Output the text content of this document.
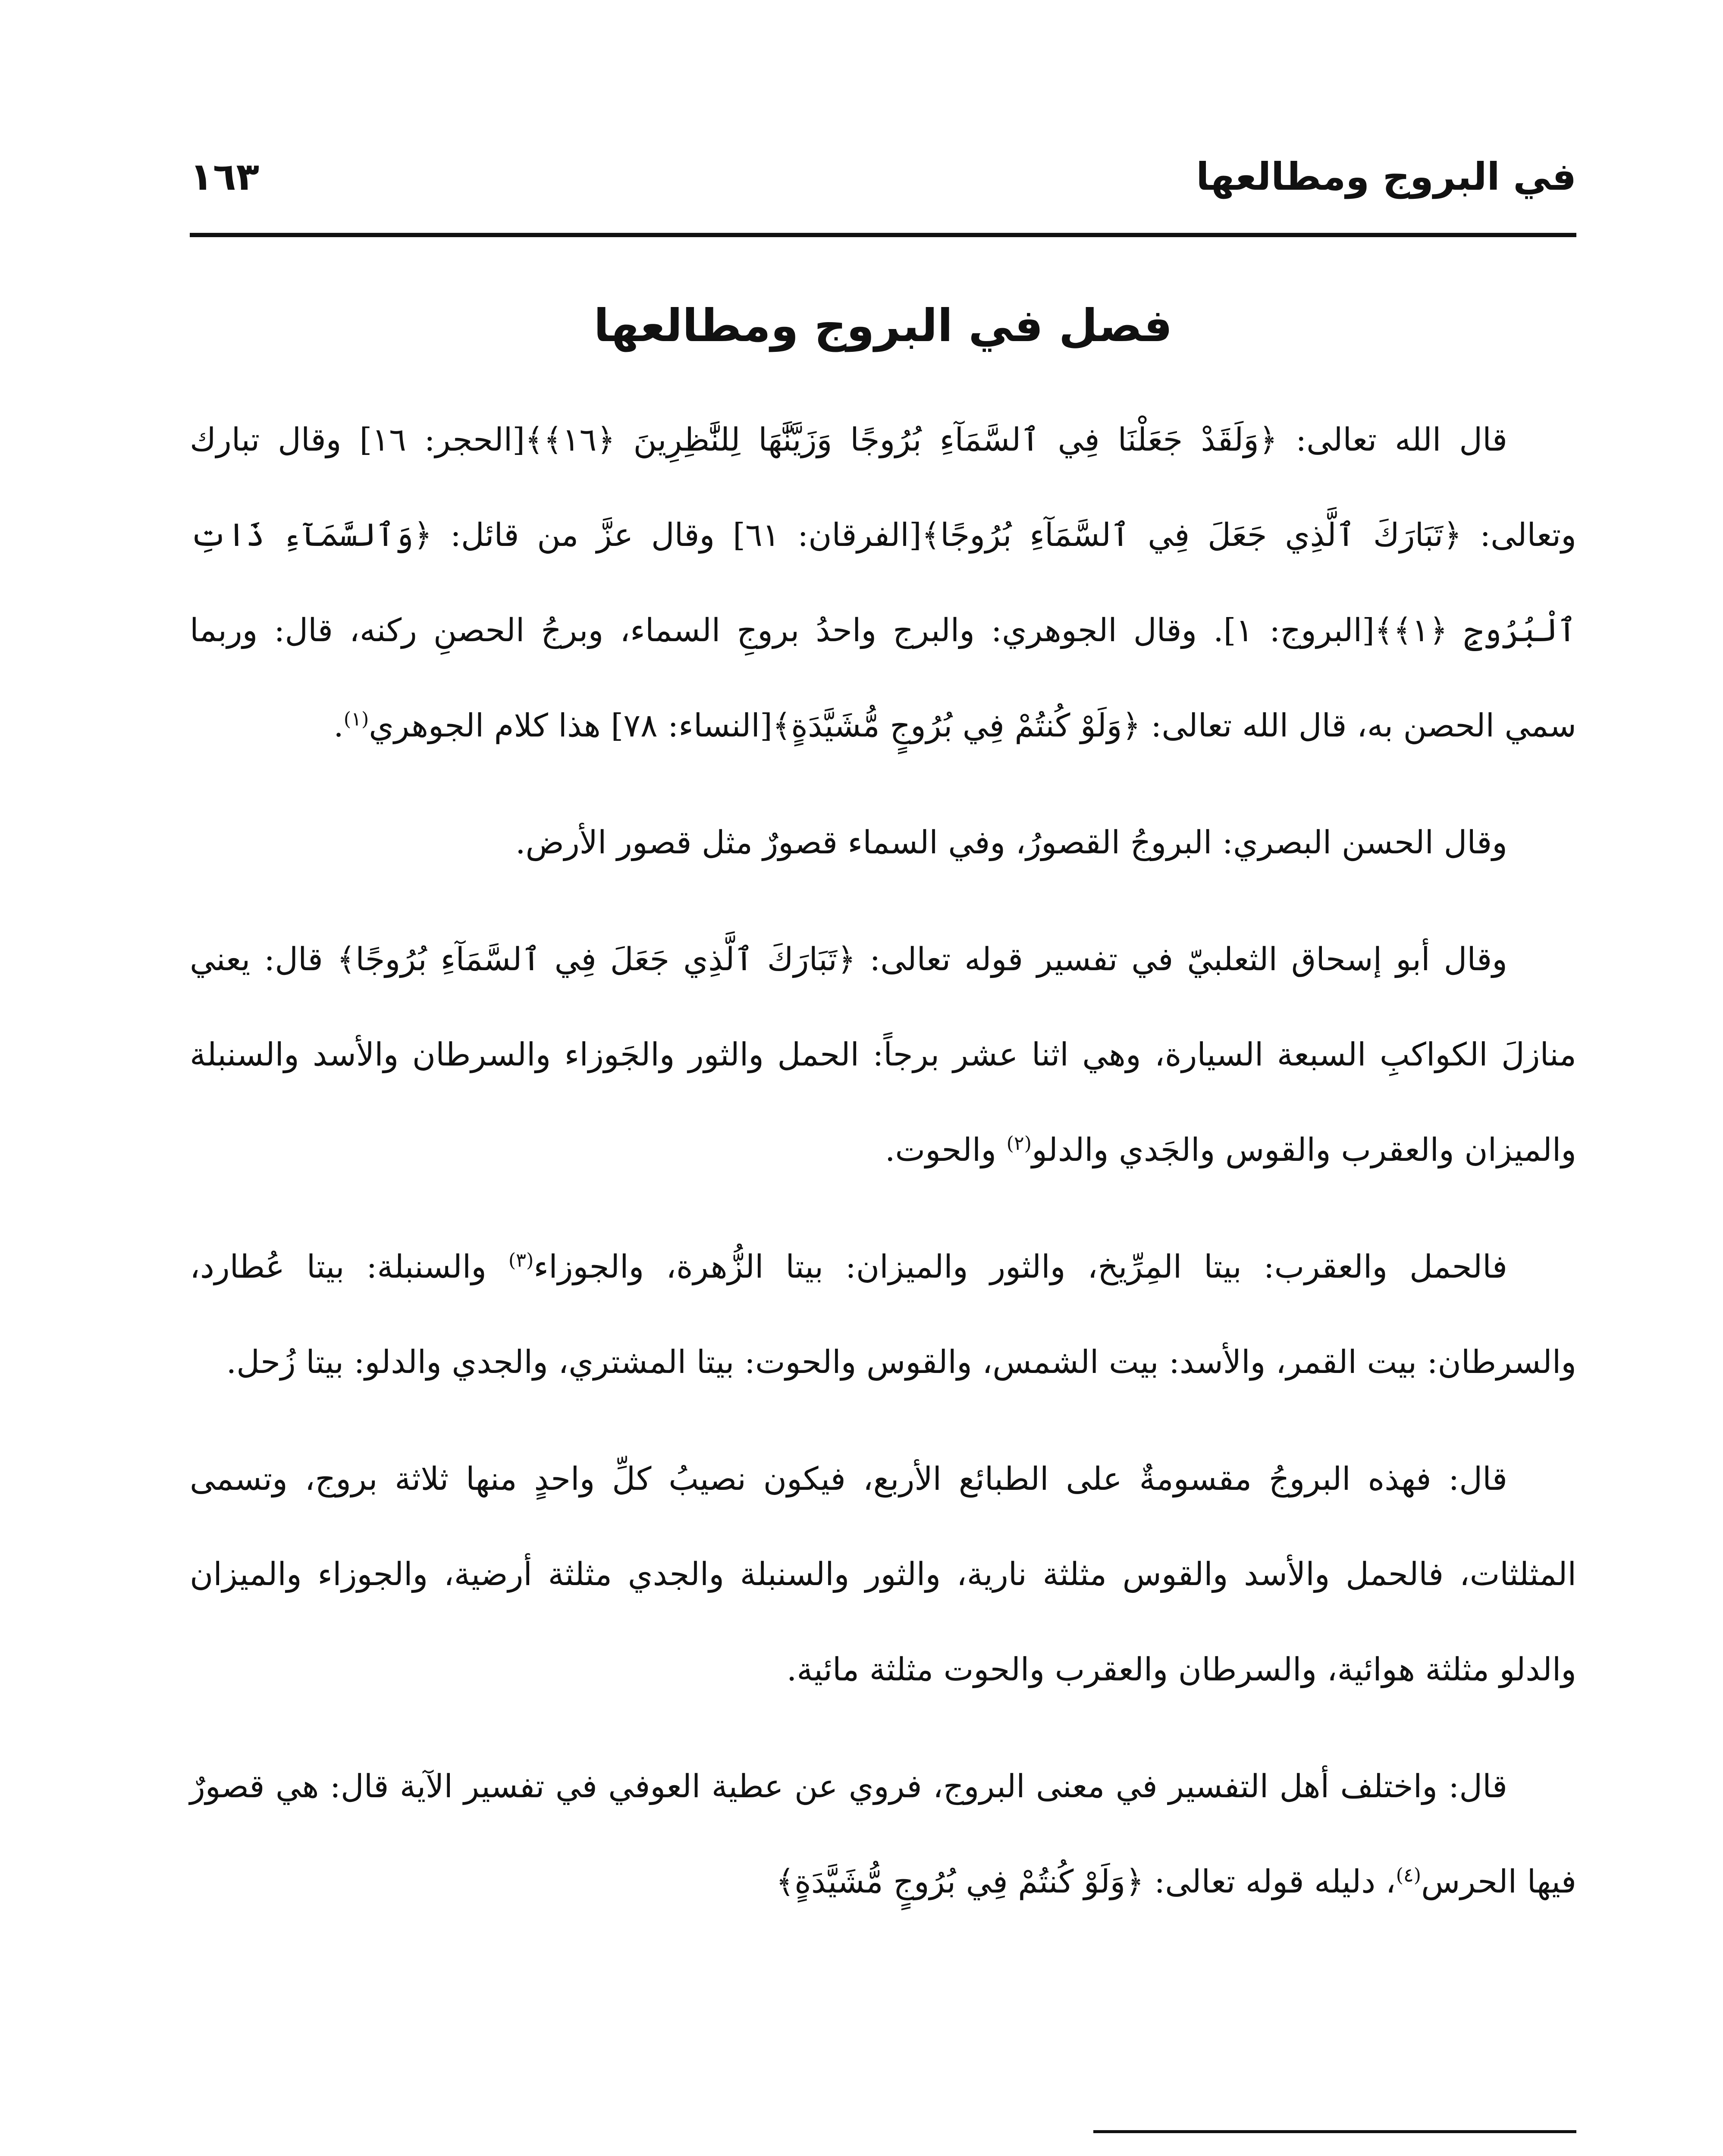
في البروج ومطالعها
١٦٣
فصل في البروج ومطالعها

قال الله تعالى: ﴿وَلَقَدْ جَعَلْنَا فِي ٱلسَّمَآءِ بُرُوجًا وَزَيَّنَّٰهَا لِلنَّٰظِرِينَ ﴿١٦﴾﴾[الحجر: ١٦] وقال تبارك وتعالى: ﴿تَبَارَكَ ٱلَّذِي جَعَلَ فِي ٱلسَّمَآءِ بُرُوجًا﴾[الفرقان: ٦١] وقال عزَّ من قائل: ﴿وَٱلسَّمَآءِ ذَاتِ ٱلْبُرُوجِ ﴿١﴾﴾[البروج: ١]. وقال الجوهري: والبرج واحدُ بروجِ السماء، وبرجُ الحصنِ ركنه، قال: وربما سمي الحصن به، قال الله تعالى: ﴿وَلَوْ كُنتُمْ فِي بُرُوجٍ مُّشَيَّدَةٍ﴾[النساء: ٧٨] هذا كلام الجوهري$^{(١)}$.

وقال الحسن البصري: البروجُ القصورُ، وفي السماء قصورٌ مثل قصور الأرض.

وقال أبو إسحاق الثعلبيّ في تفسير قوله تعالى: ﴿تَبَارَكَ ٱلَّذِي جَعَلَ فِي ٱلسَّمَآءِ بُرُوجًا﴾ قال: يعني منازلَ الكواكبِ السبعة السيارة، وهي اثنا عشر برجاً: الحمل والثور والجَوزاء والسرطان والأسد والسنبلة والميزان والعقرب والقوس والجَدي والدلو$^{(٢)}$ والحوت.

فالحمل والعقرب: بيتا المِرِّيخ، والثور والميزان: بيتا الزُّهرة، والجوزاء$^{(٣)}$ والسنبلة: بيتا عُطارد، والسرطان: بيت القمر، والأسد: بيت الشمس، والقوس والحوت: بيتا المشتري، والجدي والدلو: بيتا زُحل.

قال: فهذه البروجُ مقسومةٌ على الطبائع الأربع، فيكون نصيبُ كلِّ واحدٍ منها ثلاثة بروج، وتسمى المثلثات، فالحمل والأسد والقوس مثلثة نارية، والثور والسنبلة والجدي مثلثة أرضية، والجوزاء والميزان والدلو مثلثة هوائية، والسرطان والعقرب والحوت مثلثة مائية.

قال: واختلف أهل التفسير في معنى البروج، فروي عن عطية العوفي في تفسير الآية قال: هي قصورٌ فيها الحرس$^{(٤)}$، دليله قوله تعالى: ﴿وَلَوْ كُنتُمْ فِي بُرُوجٍ مُّشَيَّدَةٍ﴾
